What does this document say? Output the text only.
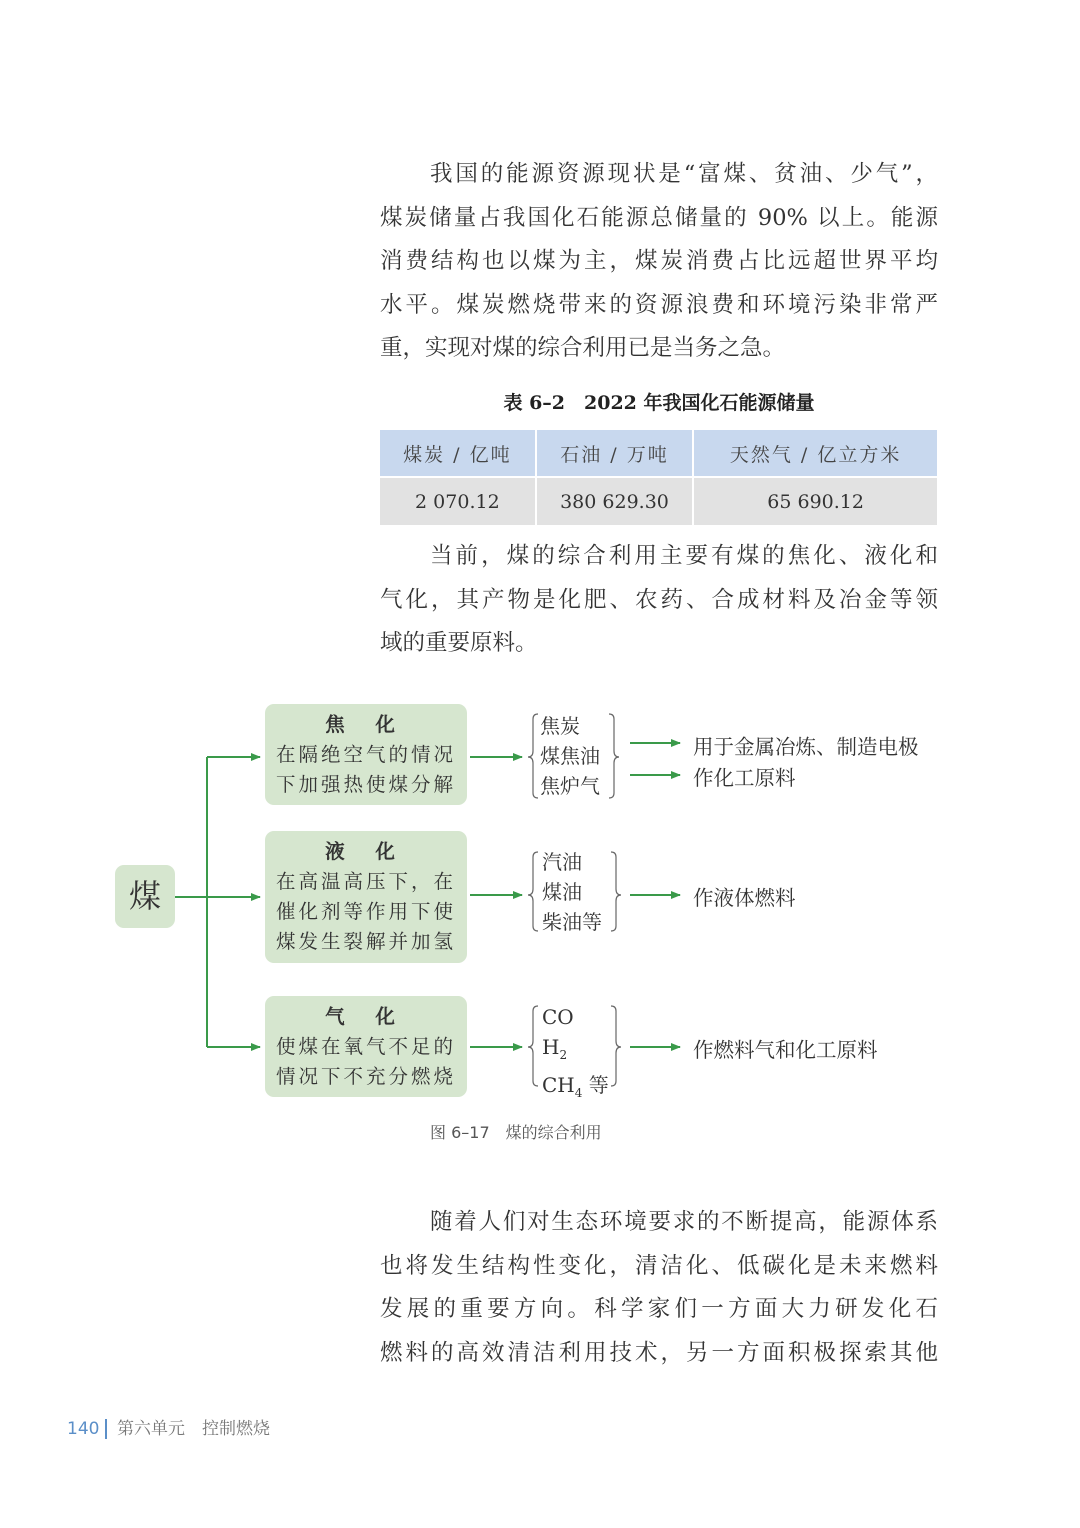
我国的能源资源现状是“富煤、贫油、少气”，
煤炭储量占我国化石能源总储量的 90% 以上。能源
消费结构也以煤为主，煤炭消费占比远超世界平均
水平。煤炭燃烧带来的资源浪费和环境污染非常严
重，实现对煤的综合利用已是当务之急。
表 6–2　2022 年我国化石能源储量
煤炭 / 亿吨	石油 / 万吨	天然气 / 亿立方米
2 070.12	380 629.30	65 690.12
当前，煤的综合利用主要有煤的焦化、液化和
气化，其产物是化肥、农药、合成材料及冶金等领
域的重要原料。
煤
焦 化
在隔绝空气的情况
下加强热使煤分解
液 化
在高温高压下，在
催化剂等作用下使
煤发生裂解并加氢
气 化
使煤在氧气不足的
情况下不充分燃烧
焦炭
煤焦油
焦炉气
汽油
煤油
柴油等
CO
$H_2$
$CH_4$ 等
用于金属冶炼、制造电极
作化工原料
作液体燃料
作燃料气和化工原料
图 6–17　煤的综合利用
随着人们对生态环境要求的不断提高，能源体系
也将发生结构性变化，清洁化、低碳化是未来燃料
发展的重要方向。科学家们一方面大力研发化石
燃料的高效清洁利用技术，另一方面积极探索其他
140 第六单元　控制燃烧
